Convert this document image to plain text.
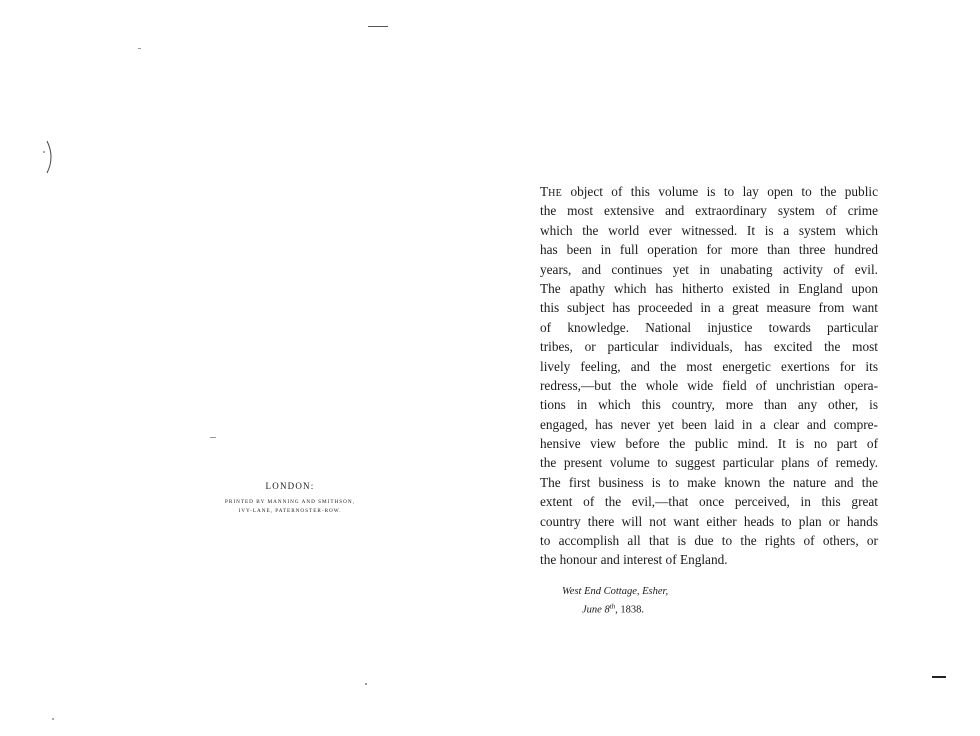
LONDON:
PRINTED BY MANNING AND SMITHSON,
IVY-LANE, PATERNOSTER-ROW.
THE object of this volume is to lay open to the public
the most extensive and extraordinary system of crime
which the world ever witnessed. It is a system which
has been in full operation for more than three hundred
years, and continues yet in unabating activity of evil.
The apathy which has hitherto existed in England upon
this subject has proceeded in a great measure from want
of knowledge. National injustice towards particular
tribes, or particular individuals, has excited the most
lively feeling, and the most energetic exertions for its
redress,—but the whole wide field of unchristian opera-
tions in which this country, more than any other, is
engaged, has never yet been laid in a clear and compre-
hensive view before the public mind. It is no part of
the present volume to suggest particular plans of remedy.
The first business is to make known the nature and the
extent of the evil,—that once perceived, in this great
country there will not want either heads to plan or hands
to accomplish all that is due to the rights of others, or
the honour and interest of England.
West End Cottage, Esher,
June 8th, 1838.
